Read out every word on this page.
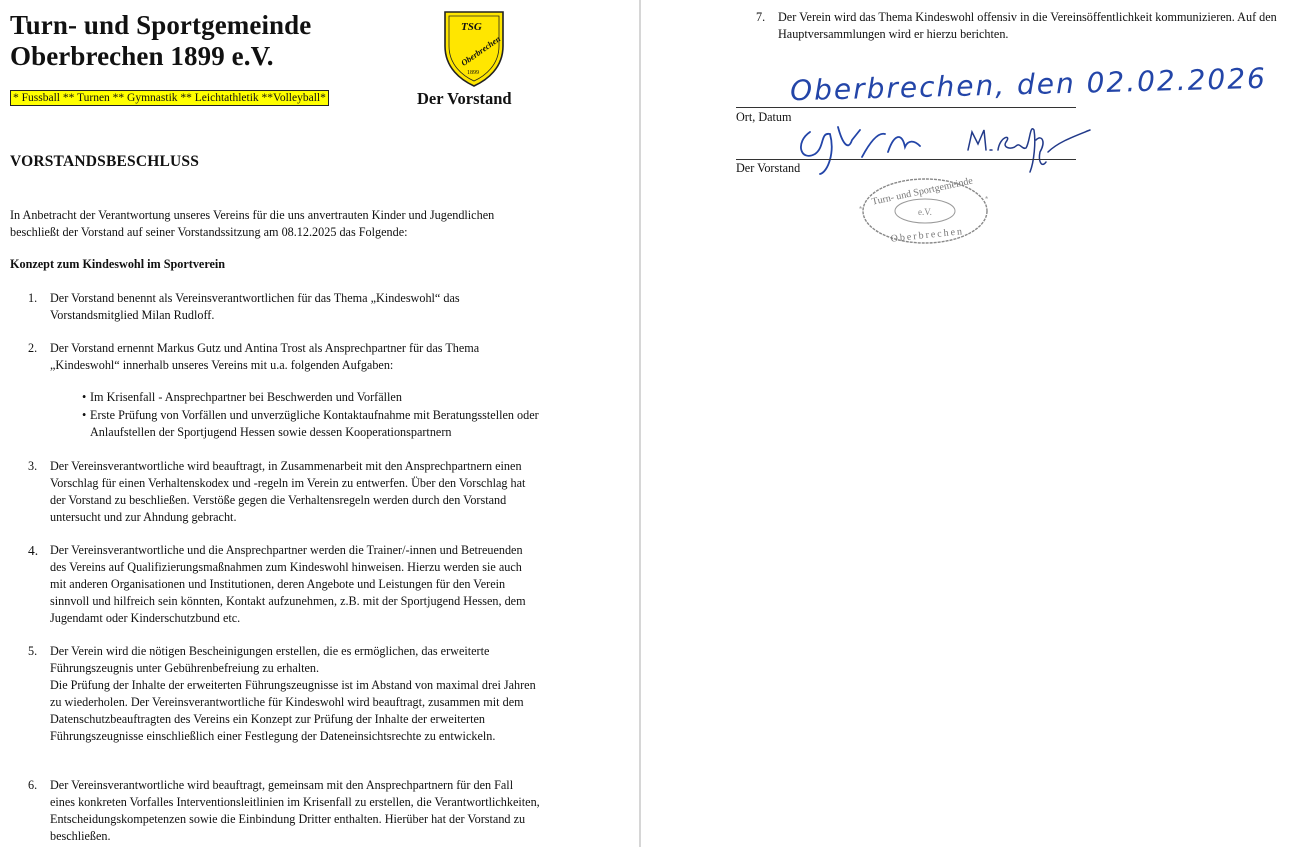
Turn- und Sportgemeinde
Oberbrechen 1899 e.V.
* Fussball ** Turnen ** Gymnastik ** Leichtathletik **Volleyball*
TSG
Oberbrechen
1899
Der Vorstand
VORSTANDSBESCHLUSS
In Anbetracht der Verantwortung unseres Vereins für die uns anvertrauten Kinder und Jugendlichen beschließt der Vorstand auf seiner Vorstandssitzung am 08.12.2025 das Folgende:
Konzept zum Kindeswohl im Sportverein
1. Der Vorstand benennt als Vereinsverantwortlichen für das Thema „Kindeswohl“ das Vorstandsmitglied Milan Rudloff.
2. Der Vorstand ernennt Markus Gutz und Antina Trost als Ansprechpartner für das Thema „Kindeswohl“ innerhalb unseres Vereins mit u.a. folgenden Aufgaben:
• Im Krisenfall - Ansprechpartner bei Beschwerden und Vorfällen
• Erste Prüfung von Vorfällen und unverzügliche Kontaktaufnahme mit Beratungsstellen oder Anlaufstellen der Sportjugend Hessen sowie dessen Kooperationspartnern
3. Der Vereinsverantwortliche wird beauftragt, in Zusammenarbeit mit den Ansprechpartnern einen Vorschlag für einen Verhaltenskodex und -regeln im Verein zu entwerfen. Über den Vorschlag hat der Vorstand zu beschließen. Verstöße gegen die Verhaltensregeln werden durch den Vorstand untersucht und zur Ahndung gebracht.
4. Der Vereinsverantwortliche und die Ansprechpartner werden die Trainer/-innen und Betreuenden des Vereins auf Qualifizierungsmaßnahmen zum Kindeswohl hinweisen. Hierzu werden sie auch mit anderen Organisationen und Institutionen, deren Angebote und Leistungen für den Verein sinnvoll und hilfreich sein könnten, Kontakt aufzunehmen, z.B. mit der Sportjugend Hessen, dem Jugendamt oder Kinderschutzbund etc.
5. Der Verein wird die nötigen Bescheinigungen erstellen, die es ermöglichen, das erweiterte Führungszeugnis unter Gebührenbefreiung zu erhalten.
Die Prüfung der Inhalte der erweiterten Führungszeugnisse ist im Abstand von maximal drei Jahren zu wiederholen. Der Vereinsverantwortliche für Kindeswohl wird beauftragt, zusammen mit dem Datenschutzbeauftragten des Vereins ein Konzept zur Prüfung der Inhalte der erweiterten Führungszeugnisse einschließlich einer Festlegung der Dateneinsichtsrechte zu entwickeln.
6. Der Vereinsverantwortliche wird beauftragt, gemeinsam mit den Ansprechpartnern für den Fall eines konkreten Vorfalles Interventionsleitlinien im Krisenfall zu erstellen, die Verantwortlichkeiten, Entscheidungskompetenzen sowie die Einbindung Dritter enthalten. Hierüber hat der Vorstand zu beschließen.
7. Der Verein wird das Thema Kindeswohl offensiv in die Vereinsöffentlichkeit kommunizieren. Auf den Hauptversammlungen wird er hierzu berichten.
Oberbrechen, den 02.02.2026
Ort, Datum
Der Vorstand
Turn- und Sportgemeinde
e.V.
Oberbrechen
*
*
